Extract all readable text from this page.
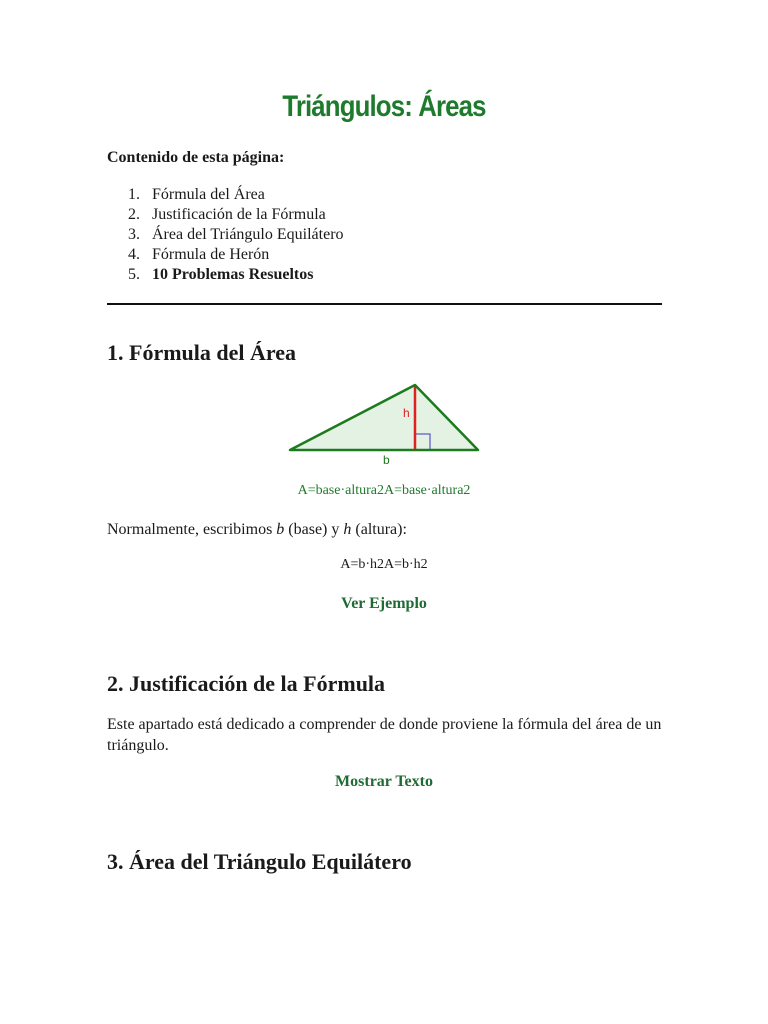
Triángulos: Áreas
Contenido de esta página:
1. Fórmula del Área
2. Justificación de la Fórmula
3. Área del Triángulo Equilátero
4. Fórmula de Herón
5. 10 Problemas Resueltos
1. Fórmula del Área
h
b
A=base·altura2A=base·altura2
Normalmente, escribimos b (base) y h (altura):
A=b·h2A=b·h2
Ver Ejemplo
2. Justificación de la Fórmula
Este apartado está dedicado a comprender de donde proviene la fórmula del área de un triángulo.
Mostrar Texto
3. Área del Triángulo Equilátero
